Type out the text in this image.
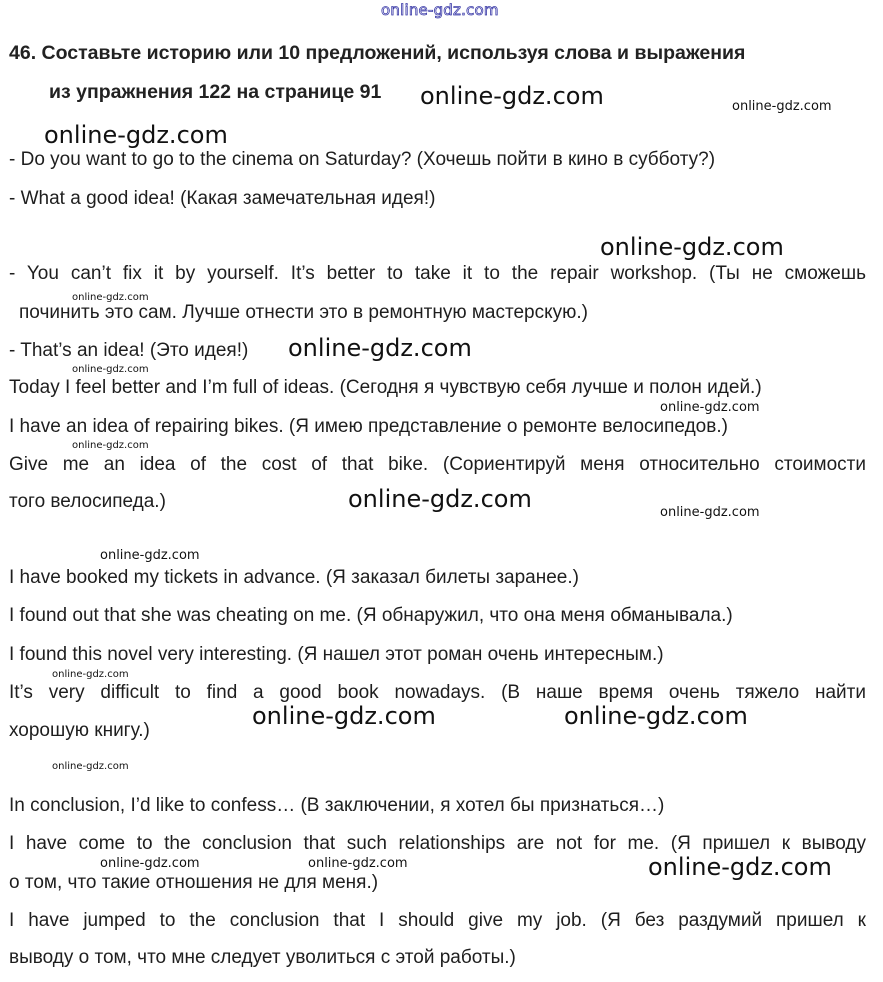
online-gdz.com
46. Составьте историю или 10 предложений, используя слова и выражения
из упражнения 122 на странице 91
- Do you want to go to the cinema on Saturday? (Хочешь пойти в кино в субботу?)
- What a good idea! (Какая замечательная идея!)
- You can’t fix it by yourself. It’s better to take it to the repair workshop. (Ты не сможешь
починить это сам. Лучше отнести это в ремонтную мастерскую.)
- That’s an idea! (Это идея!)
Today I feel better and I’m full of ideas. (Сегодня я чувствую себя лучше и полон идей.)
I have an idea of repairing bikes. (Я имею представление о ремонте велосипедов.)
Give me an idea of the cost of that bike. (Сориентируй меня относительно стоимости
того велосипеда.)
I have booked my tickets in advance. (Я заказал билеты заранее.)
I found out that she was cheating on me. (Я обнаружил, что она меня обманывала.)
I found this novel very interesting. (Я нашел этот роман очень интересным.)
It’s very difficult to find a good book nowadays. (В наше время очень тяжело найти
хорошую книгу.)
In conclusion, I’d like to confess… (В заключении, я хотел бы признаться…)
I have come to the conclusion that such relationships are not for me. (Я пришел к выводу
о том, что такие отношения не для меня.)
I have jumped to the conclusion that I should give my job. (Я без раздумий пришел к
выводу о том, что мне следует уволиться с этой работы.)
online-gdz.com	online-gdz.com
online-gdz.com
online-gdz.com
online-gdz.com
online-gdz.com
online-gdz.com
online-gdz.com
online-gdz.com
online-gdz.com	online-gdz.com
online-gdz.com
online-gdz.com
online-gdz.com	online-gdz.com
online-gdz.com
online-gdz.com	online-gdz.com	online-gdz.com
